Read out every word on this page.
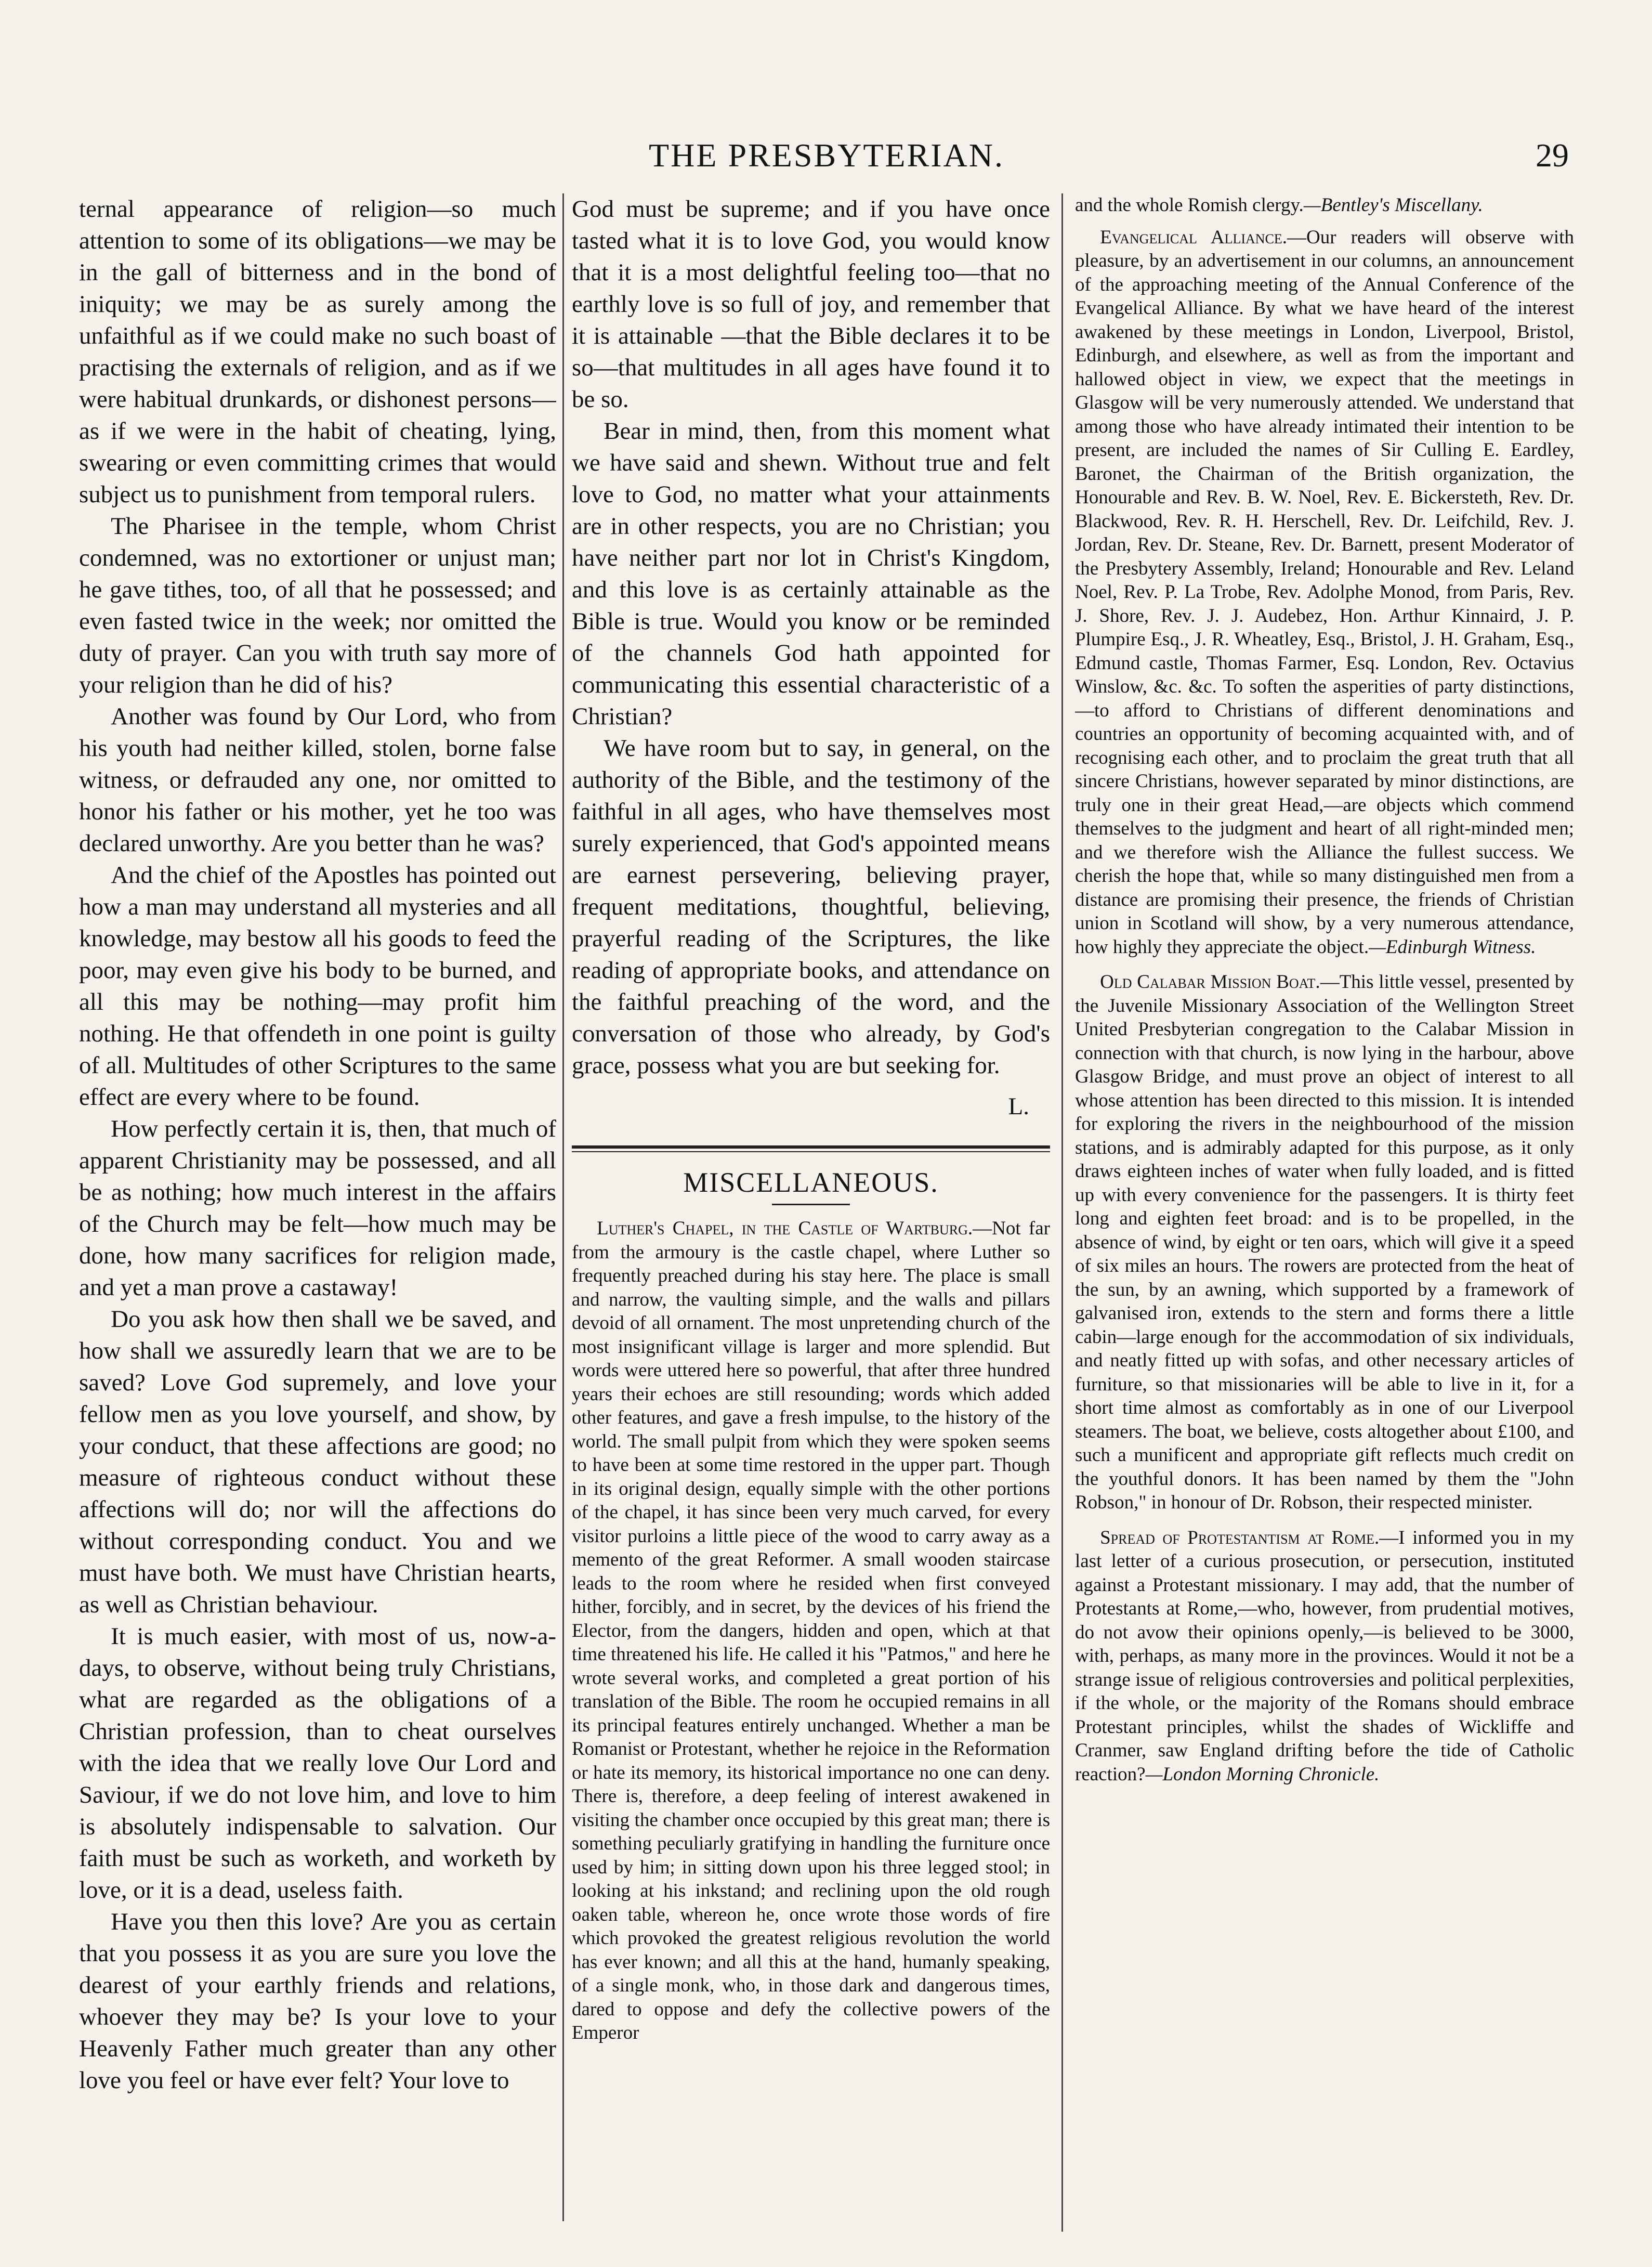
THE PRESBYTERIAN.	29

ternal appearance of religion—so much attention to some of its obligations—we may be in the gall of bitterness and in the bond of iniquity; we may be as surely among the unfaithful as if we could make no such boast of practising the externals of religion, and as if we were habitual drunkards, or dishonest persons—as if we were in the habit of cheating, lying, swearing or even committing crimes that would subject us to punishment from temporal rulers.

The Pharisee in the temple, whom Christ condemned, was no extortioner or unjust man; he gave tithes, too, of all that he possessed; and even fasted twice in the week; nor omitted the duty of prayer. Can you with truth say more of your religion than he did of his?

Another was found by Our Lord, who from his youth had neither killed, stolen, borne false witness, or defrauded any one, nor omitted to honor his father or his mother, yet he too was declared unworthy. Are you better than he was?

And the chief of the Apostles has pointed out how a man may understand all mysteries and all knowledge, may bestow all his goods to feed the poor, may even give his body to be burned, and all this may be nothing—may profit him nothing. He that offendeth in one point is guilty of all. Multitudes of other Scriptures to the same effect are every where to be found.

How perfectly certain it is, then, that much of apparent Christianity may be possessed, and all be as nothing; how much interest in the affairs of the Church may be felt—how much may be done, how many sacrifices for religion made, and yet a man prove a castaway!

Do you ask how then shall we be saved, and how shall we assuredly learn that we are to be saved? Love God supremely, and love your fellow men as you love yourself, and show, by your conduct, that these affections are good; no measure of righteous conduct without these affections will do; nor will the affections do without corresponding conduct. You and we must have both. We must have Christian hearts, as well as Christian behaviour.

It is much easier, with most of us, now-a-days, to observe, without being truly Christians, what are regarded as the obligations of a Christian profession, than to cheat ourselves with the idea that we really love Our Lord and Saviour, if we do not love him, and love to him is absolutely indispensable to salvation. Our faith must be such as worketh, and worketh by love, or it is a dead, useless faith.

Have you then this love? Are you as certain that you possess it as you are sure you love the dearest of your earthly friends and relations, whoever they may be? Is your love to your Heavenly Father much greater than any other love you feel or have ever felt? Your love to

God must be supreme; and if you have once tasted what it is to love God, you would know that it is a most delightful feeling too—that no earthly love is so full of joy, and remember that it is attainable —that the Bible declares it to be so—that multitudes in all ages have found it to be so.

Bear in mind, then, from this moment what we have said and shewn. Without true and felt love to God, no matter what your attainments are in other respects, you are no Christian; you have neither part nor lot in Christ's Kingdom, and this love is as certainly attainable as the Bible is true. Would you know or be reminded of the channels God hath appointed for communicating this essential characteristic of a Christian?

We have room but to say, in general, on the authority of the Bible, and the testimony of the faithful in all ages, who have themselves most surely experienced, that God's appointed means are earnest persevering, believing prayer, frequent meditations, thoughtful, believing, prayerful reading of the Scriptures, the like reading of appropriate books, and attendance on the faithful preaching of the word, and the conversation of those who already, by God's grace, possess what you are but seeking for.

L.
MISCELLANEOUS.

Luther's Chapel, in the Castle of Wartburg.—Not far from the armoury is the castle chapel, where Luther so frequently preached during his stay here. The place is small and narrow, the vaulting simple, and the walls and pillars devoid of all ornament. The most unpretending church of the most insignificant village is larger and more splendid. But words were uttered here so powerful, that after three hundred years their echoes are still resounding; words which added other features, and gave a fresh impulse, to the history of the world. The small pulpit from which they were spoken seems to have been at some time restored in the upper part. Though in its original design, equally simple with the other portions of the chapel, it has since been very much carved, for every visitor purloins a little piece of the wood to carry away as a memento of the great Reformer. A small wooden staircase leads to the room where he resided when first conveyed hither, forcibly, and in secret, by the devices of his friend the Elector, from the dangers, hidden and open, which at that time threatened his life. He called it his "Patmos," and here he wrote several works, and completed a great portion of his translation of the Bible. The room he occupied remains in all its principal features entirely unchanged. Whether a man be Romanist or Protestant, whether he rejoice in the Reformation or hate its memory, its historical importance no one can deny. There is, therefore, a deep feeling of interest awakened in visiting the chamber once occupied by this great man; there is something peculiarly gratifying in handling the furniture once used by him; in sitting down upon his three legged stool; in looking at his inkstand; and reclining upon the old rough oaken table, whereon he, once wrote those words of fire which provoked the greatest religious revolution the world has ever known; and all this at the hand, humanly speaking, of a single monk, who, in those dark and dangerous times, dared to oppose and defy the collective powers of the Emperor

and the whole Romish clergy.—Bentley's Miscellany.

Evangelical Alliance.—Our readers will observe with pleasure, by an advertisement in our columns, an announcement of the approaching meeting of the Annual Conference of the Evangelical Alliance. By what we have heard of the interest awakened by these meetings in London, Liverpool, Bristol, Edinburgh, and elsewhere, as well as from the important and hallowed object in view, we expect that the meetings in Glasgow will be very numerously attended. We understand that among those who have already intimated their intention to be present, are included the names of Sir Culling E. Eardley, Baronet, the Chairman of the British organization, the Honourable and Rev. B. W. Noel, Rev. E. Bickersteth, Rev. Dr. Blackwood, Rev. R. H. Herschell, Rev. Dr. Leifchild, Rev. J. Jordan, Rev. Dr. Steane, Rev. Dr. Barnett, present Moderator of the Presbytery Assembly, Ireland; Honourable and Rev. Leland Noel, Rev. P. La Trobe, Rev. Adolphe Monod, from Paris, Rev. J. Shore, Rev. J. J. Audebez, Hon. Arthur Kinnaird, J. P. Plumpire Esq., J. R. Wheatley, Esq., Bristol, J. H. Graham, Esq., Edmund castle, Thomas Farmer, Esq. London, Rev. Octavius Winslow, &c. &c. To soften the asperities of party distinctions,—to afford to Christians of different denominations and countries an opportunity of becoming acquainted with, and of recognising each other, and to proclaim the great truth that all sincere Christians, however separated by minor distinctions, are truly one in their great Head,—are objects which commend themselves to the judgment and heart of all right-minded men; and we therefore wish the Alliance the fullest success. We cherish the hope that, while so many distinguished men from a distance are promising their presence, the friends of Christian union in Scotland will show, by a very numerous attendance, how highly they appreciate the object.—Edinburgh Witness.

Old Calabar Mission Boat.—This little vessel, presented by the Juvenile Missionary Association of the Wellington Street United Presbyterian congregation to the Calabar Mission in connection with that church, is now lying in the harbour, above Glasgow Bridge, and must prove an object of interest to all whose attention has been directed to this mission. It is intended for exploring the rivers in the neighbourhood of the mission stations, and is admirably adapted for this purpose, as it only draws eighteen inches of water when fully loaded, and is fitted up with every convenience for the passengers. It is thirty feet long and eighten feet broad: and is to be propelled, in the absence of wind, by eight or ten oars, which will give it a speed of six miles an hours. The rowers are protected from the heat of the sun, by an awning, which supported by a framework of galvanised iron, extends to the stern and forms there a little cabin—large enough for the accommodation of six individuals, and neatly fitted up with sofas, and other necessary articles of furniture, so that missionaries will be able to live in it, for a short time almost as comfortably as in one of our Liverpool steamers. The boat, we believe, costs altogether about £100, and such a munificent and appropriate gift reflects much credit on the youthful donors. It has been named by them the "John Robson," in honour of Dr. Robson, their respected minister.

Spread of Protestantism at Rome.—I informed you in my last letter of a curious prosecution, or persecution, instituted against a Protestant missionary. I may add, that the number of Protestants at Rome,—who, however, from prudential motives, do not avow their opinions openly,—is believed to be 3000, with, perhaps, as many more in the provinces. Would it not be a strange issue of religious controversies and political perplexities, if the whole, or the majority of the Romans should embrace Protestant principles, whilst the shades of Wickliffe and Cranmer, saw England drifting before the tide of Catholic reaction?—London Morning Chronicle.
